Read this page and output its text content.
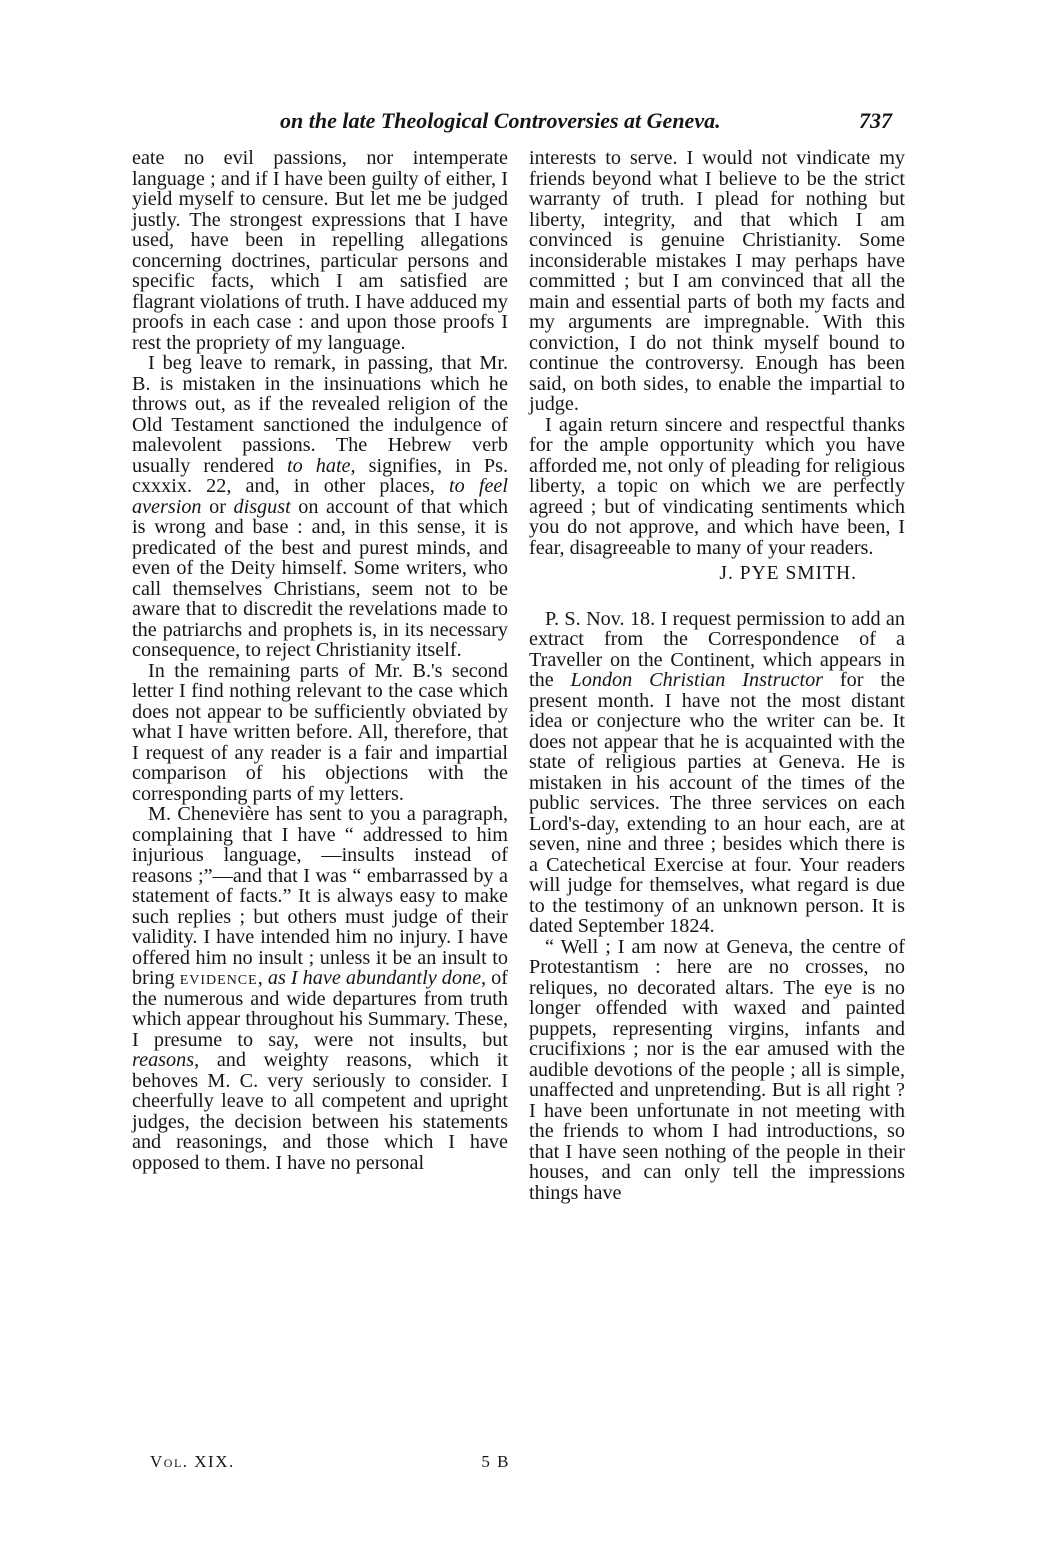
on the late Theological Controversies at Geneva.	737

eate no evil passions, nor intemperate language ; and if I have been guilty of either, I yield myself to censure. But let me be judged justly. The strongest expressions that I have used, have been in repelling allegations concerning doctrines, particular persons and specific facts, which I am satisfied are flagrant violations of truth. I have adduced my proofs in each case : and upon those proofs I rest the propriety of my language.

I beg leave to remark, in passing, that Mr. B. is mistaken in the insinuations which he throws out, as if the revealed religion of the Old Testament sanctioned the indulgence of malevolent passions. The Hebrew verb usually rendered to hate, signifies, in Ps. cxxxix. 22, and, in other places, to feel aversion or disgust on account of that which is wrong and base : and, in this sense, it is predicated of the best and purest minds, and even of the Deity himself. Some writers, who call themselves Christians, seem not to be aware that to discredit the revelations made to the patriarchs and prophets is, in its necessary consequence, to reject Christianity itself.

In the remaining parts of Mr. B.'s second letter I find nothing relevant to the case which does not appear to be sufficiently obviated by what I have written before. All, therefore, that I request of any reader is a fair and impartial comparison of his objections with the corresponding parts of my letters.

M. Chenevière has sent to you a paragraph, complaining that I have “ addressed to him injurious language, —insults instead of reasons ;”—and that I was “ embarrassed by a statement of facts.” It is always easy to make such replies ; but others must judge of their validity. I have intended him no injury. I have offered him no insult ; unless it be an insult to bring evidence, as I have abundantly done, of the numerous and wide departures from truth which appear throughout his Summary. These, I presume to say, were not insults, but reasons, and weighty reasons, which it behoves M. C. very seriously to consider. I cheerfully leave to all competent and upright judges, the decision between his statements and reasonings, and those which I have opposed to them. I have no personal

interests to serve. I would not vindicate my friends beyond what I believe to be the strict warranty of truth. I plead for nothing but liberty, integrity, and that which I am convinced is genuine Christianity. Some inconsiderable mistakes I may perhaps have committed ; but I am convinced that all the main and essential parts of both my facts and my arguments are impregnable. With this conviction, I do not think myself bound to continue the controversy. Enough has been said, on both sides, to enable the impartial to judge.

I again return sincere and respectful thanks for the ample opportunity which you have afforded me, not only of pleading for religious liberty, a topic on which we are perfectly agreed ; but of vindicating sentiments which you do not approve, and which have been, I fear, disagreeable to many of your readers.

J. PYE SMITH.

P. S. Nov. 18. I request permission to add an extract from the Correspondence of a Traveller on the Continent, which appears in the London Christian Instructor for the present month. I have not the most distant idea or conjecture who the writer can be. It does not appear that he is acquainted with the state of religious parties at Geneva. He is mistaken in his account of the times of the public services. The three services on each Lord's-day, extending to an hour each, are at seven, nine and three ; besides which there is a Catechetical Exercise at four. Your readers will judge for themselves, what regard is due to the testimony of an unknown person. It is dated September 1824.

“ Well ; I am now at Geneva, the centre of Protestantism : here are no crosses, no reliques, no decorated altars. The eye is no longer offended with waxed and painted puppets, representing virgins, infants and crucifixions ; nor is the ear amused with the audible devotions of the people ; all is simple, unaffected and unpretending. But is all right ? I have been unfortunate in not meeting with the friends to whom I had introductions, so that I have seen nothing of the people in their houses, and can only tell the impressions things have

Vol. XIX.	5 B
